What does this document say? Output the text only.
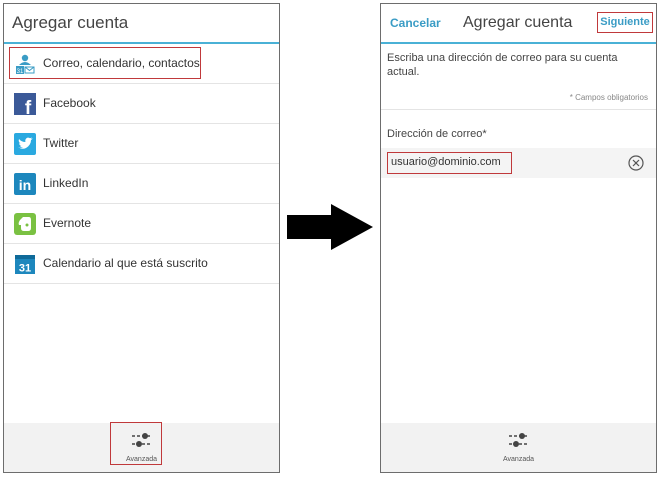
Agregar cuenta
31
Correo, calendario, contactos
f Facebook
Twitter
in LinkedIn
Evernote
31 Calendario al que está suscrito
Avanzada
Cancelar Agregar cuenta	Siguiente
Escriba una dirección de correo para su cuenta actual.
* Campos obligatorios
Dirección de correo*
usuario@dominio.com
Avanzada
